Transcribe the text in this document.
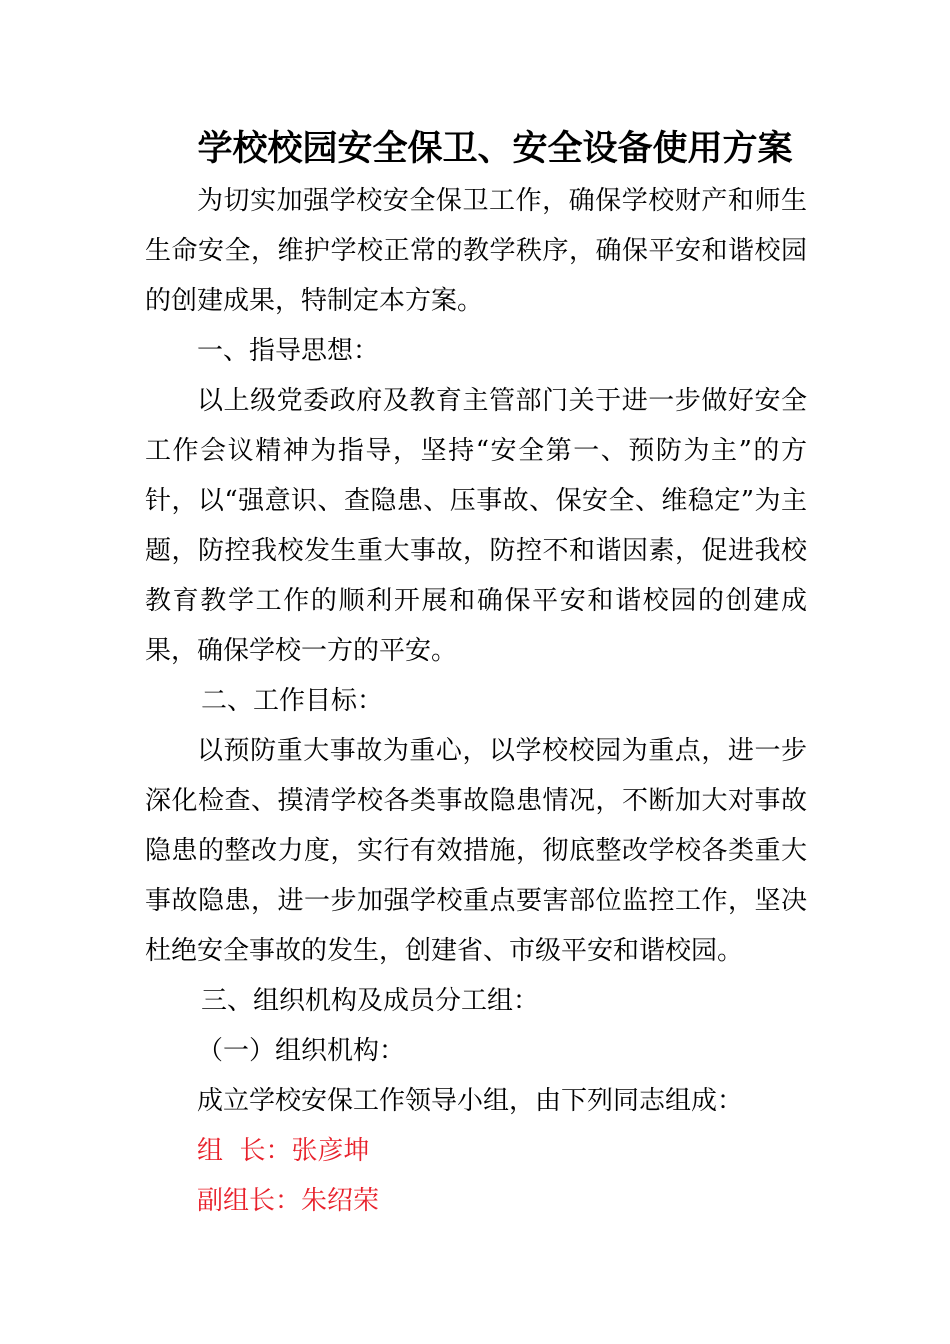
学校校园安全保卫、安全设备使用方案

为切实加强学校安全保卫工作，确保学校财产和师生生命安全，维护学校正常的教学秩序，确保平安和谐校园的创建成果，特制定本方案。

一、指导思想：

以上级党委政府及教育主管部门关于进一步做好安全工作会议精神为指导，坚持“安全第一、预防为主”的方针，以“强意识、查隐患、压事故、保安全、维稳定”为主题，防控我校发生重大事故，防控不和谐因素，促进我校教育教学工作的顺利开展和确保平安和谐校园的创建成果，确保学校一方的平安。

二、工作目标：

以预防重大事故为重心，以学校校园为重点，进一步深化检查、摸清学校各类事故隐患情况，不断加大对事故隐患的整改力度，实行有效措施，彻底整改学校各类重大事故隐患，进一步加强学校重点要害部位监控工作，坚决杜绝安全事故的发生，创建省、市级平安和谐校园。

三、组织机构及成员分工组：

（一）组织机构：

成立学校安保工作领导小组，由下列同志组成：

组  长：张彦坤

副组长：朱绍荣
